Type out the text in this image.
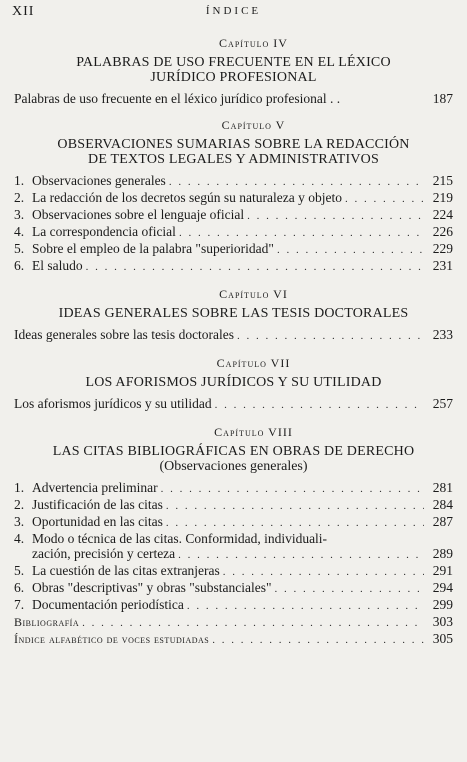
XII	ÍNDICE
Capítulo IV
PALABRAS DE USO FRECUENTE EN EL LÉXICO
JURÍDICO PROFESIONAL
Palabras de uso frecuente en el léxico jurídico profesional . .	187
Capítulo V
OBSERVACIONES SUMARIAS SOBRE LA REDACCIÓN
DE TEXTOS LEGALES Y ADMINISTRATIVOS
1. Observaciones generales . . .	215
2. La redacción de los decretos según su naturaleza y objeto . . .	219
3. Observaciones sobre el lenguaje oficial . . .	224
4. La correspondencia oficial . . .	226
5. Sobre el empleo de la palabra "superioridad" . . .	229
6. El saludo . . .	231
Capítulo VI
IDEAS GENERALES SOBRE LAS TESIS DOCTORALES
Ideas generales sobre las tesis doctorales . . .	233
Capítulo VII
LOS AFORISMOS JURÍDICOS Y SU UTILIDAD
Los aforismos jurídicos y su utilidad . . .	257
Capítulo VIII
LAS CITAS BIBLIOGRÁFICAS EN OBRAS DE DERECHO
(Observaciones generales)
1. Advertencia preliminar . . .	281
2. Justificación de las citas . . .	284
3. Oportunidad en las citas . . .	287
4. Modo o técnica de las citas. Conformidad, individuali-
zación, precisión y certeza . . .	289
5. La cuestión de las citas extranjeras . . .	291
6. Obras "descriptivas" y obras "substanciales" . . .	294
7. Documentación periodística . . .	299
Bibliografía . . .	303
Índice alfabético de voces estudiadas . . .	305
